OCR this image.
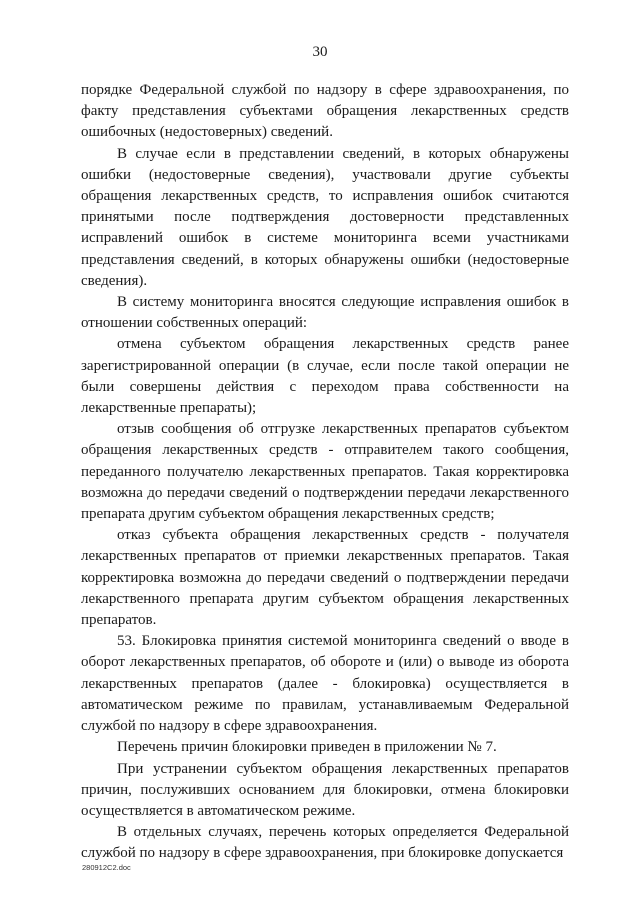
30

порядке Федеральной службой по надзору в сфере здравоохранения, по факту представления субъектами обращения лекарственных средств ошибочных (недостоверных) сведений.

В случае если в представлении сведений, в которых обнаружены ошибки (недостоверные сведения), участвовали другие субъекты обращения лекарственных средств, то исправления ошибок считаются принятыми после подтверждения достоверности представленных исправлений ошибок в системе мониторинга всеми участниками представления сведений, в которых обнаружены ошибки (недостоверные сведения).

В систему мониторинга вносятся следующие исправления ошибок в отношении собственных операций:

отмена субъектом обращения лекарственных средств ранее зарегистрированной операции (в случае, если после такой операции не были совершены действия с переходом права собственности на лекарственные препараты);

отзыв сообщения об отгрузке лекарственных препаратов субъектом обращения лекарственных средств - отправителем такого сообщения, переданного получателю лекарственных препаратов. Такая корректировка возможна до передачи сведений о подтверждении передачи лекарственного препарата другим субъектом обращения лекарственных средств;

отказ субъекта обращения лекарственных средств - получателя лекарственных препаратов от приемки лекарственных препаратов. Такая корректировка возможна до передачи сведений о подтверждении передачи лекарственного препарата другим субъектом обращения лекарственных препаратов.

53. Блокировка принятия системой мониторинга сведений о вводе в оборот лекарственных препаратов, об обороте и (или) о выводе из оборота лекарственных препаратов (далее - блокировка) осуществляется в автоматическом режиме по правилам, устанавливаемым Федеральной службой по надзору в сфере здравоохранения.

Перечень причин блокировки приведен в приложении № 7.

При устранении субъектом обращения лекарственных препаратов причин, послуживших основанием для блокировки, отмена блокировки осуществляется в автоматическом режиме.

В отдельных случаях, перечень которых определяется Федеральной службой по надзору в сфере здравоохранения, при блокировке допускается

280912C2.doc
